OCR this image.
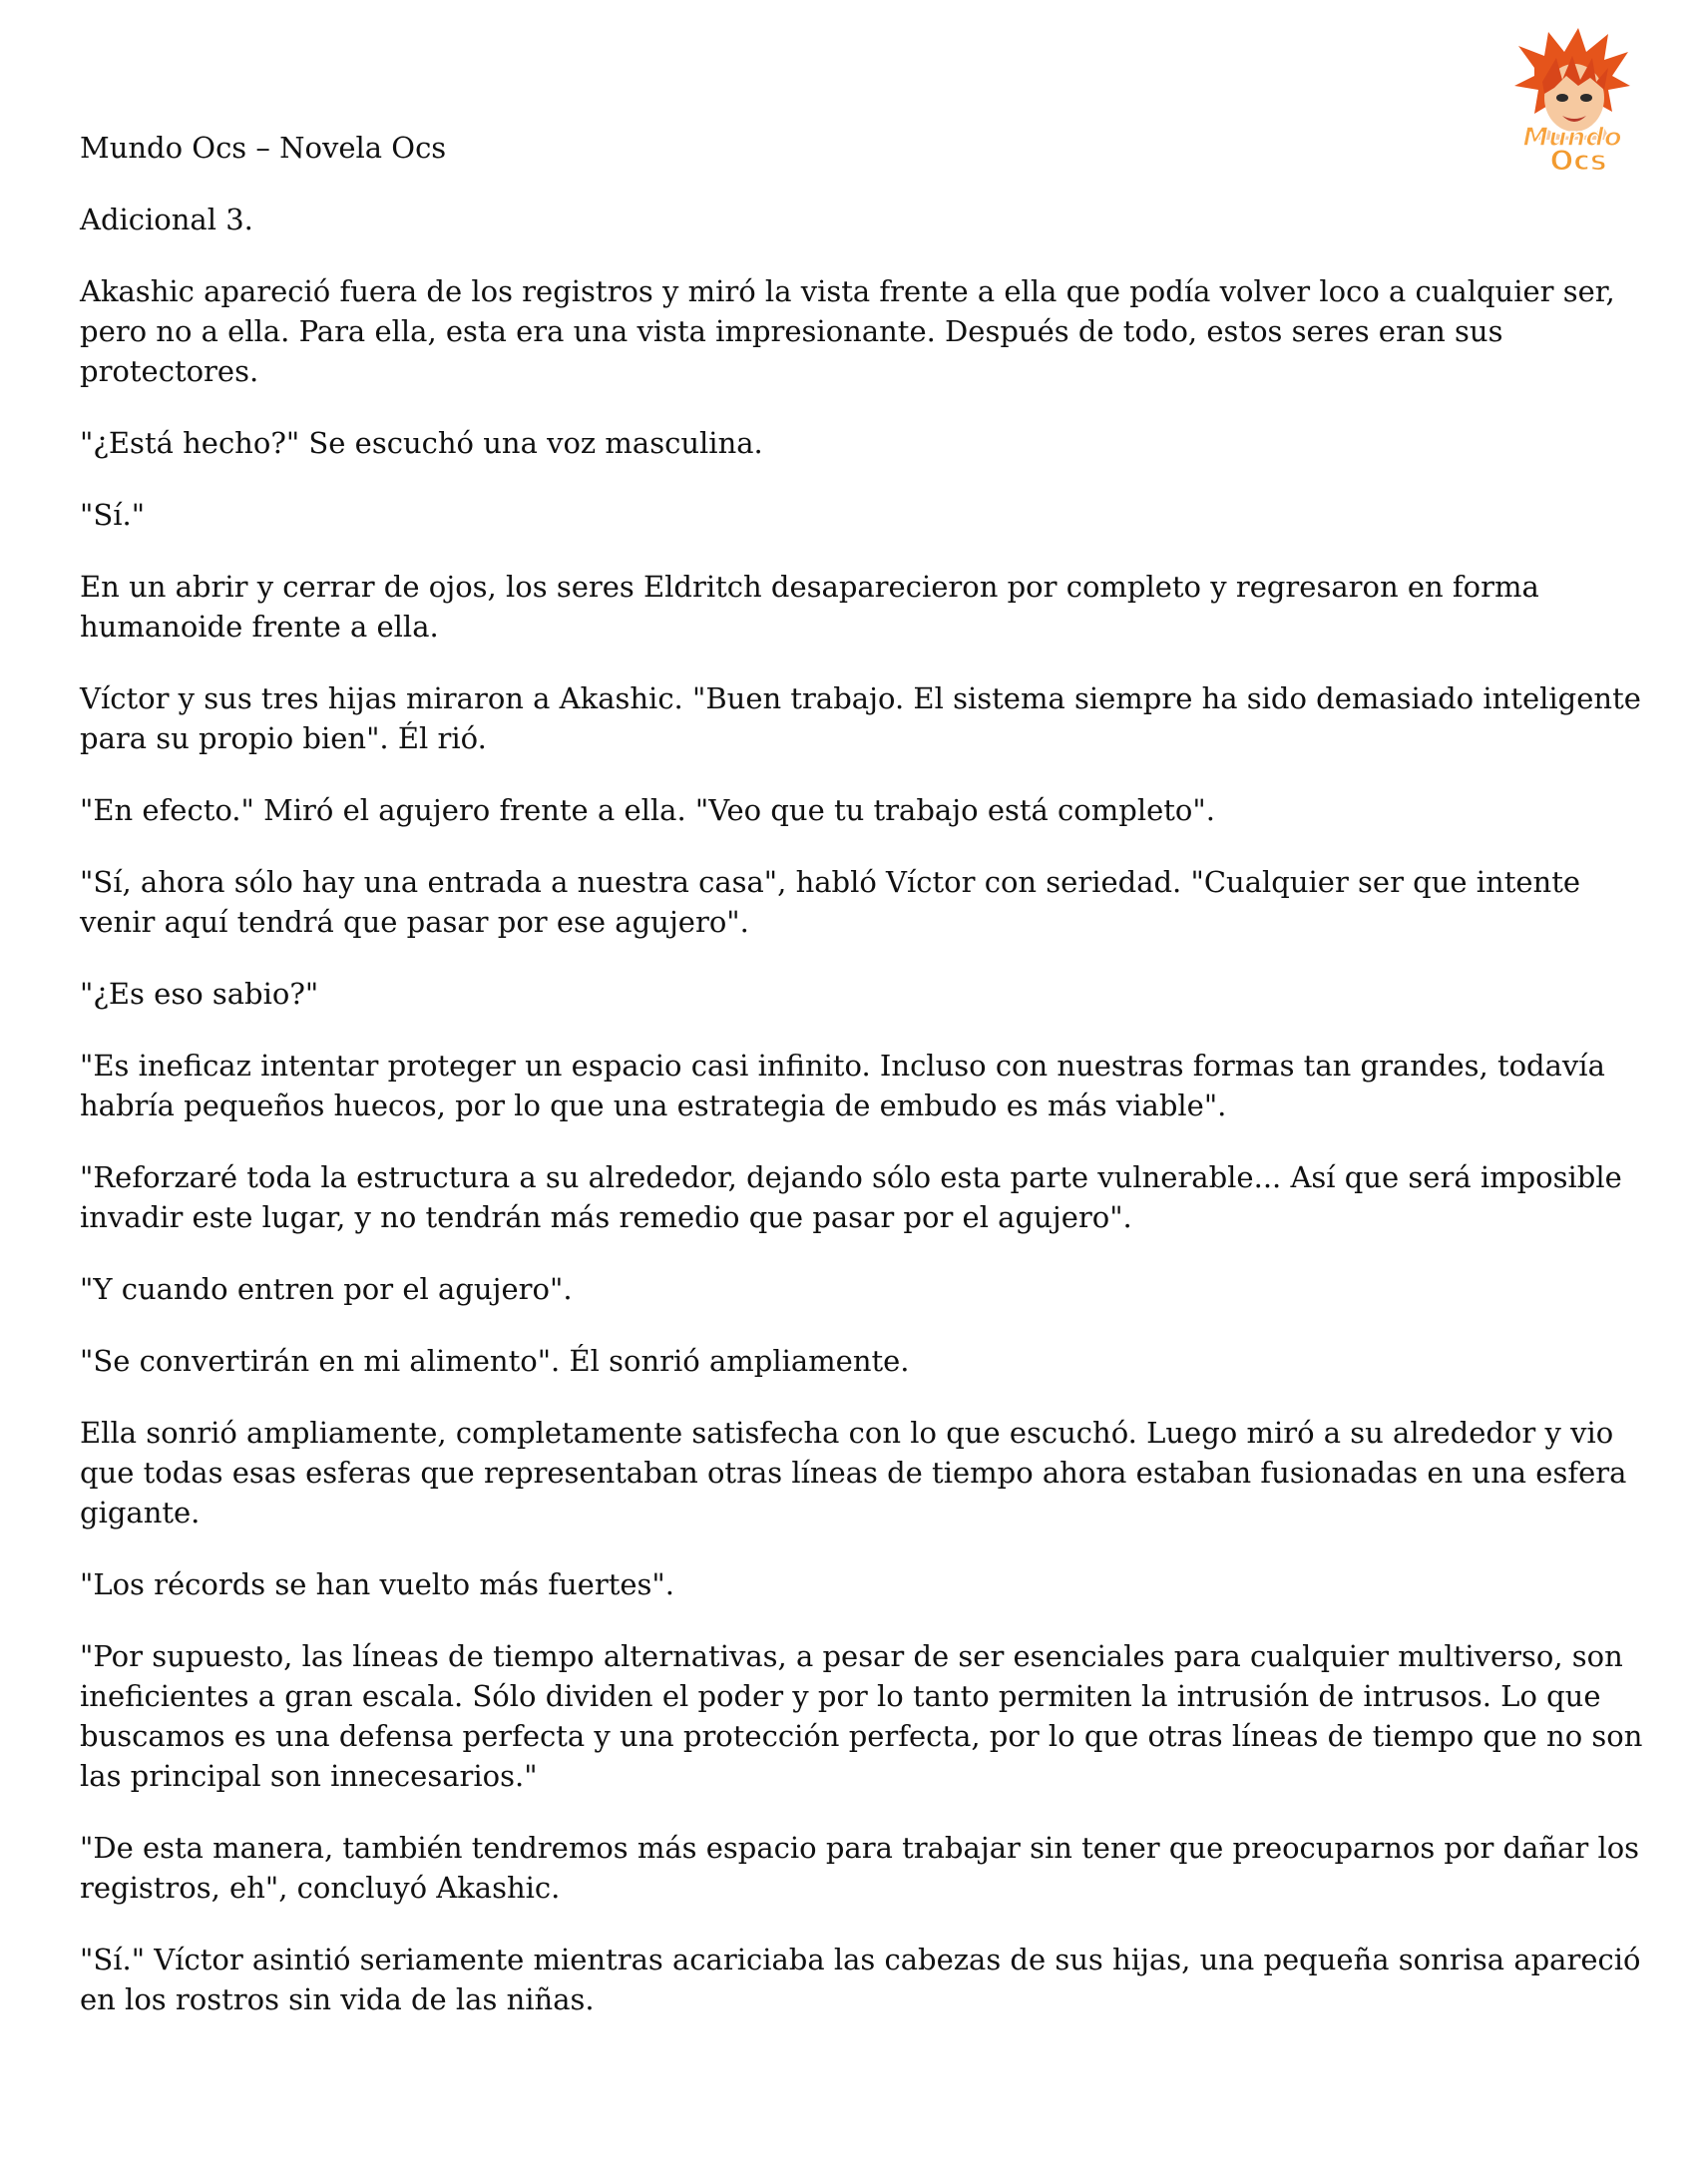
Mundo
Ocs

Mundo Ocs – Novela Ocs

Adicional 3.

Akashic apareció fuera de los registros y miró la vista frente a ella que podía volver loco a cualquier ser, pero no a ella. Para ella, esta era una vista impresionante. Después de todo, estos seres eran sus protectores.

"¿Está hecho?" Se escuchó una voz masculina.

"Sí."

En un abrir y cerrar de ojos, los seres Eldritch desaparecieron por completo y regresaron en forma humanoide frente a ella.

Víctor y sus tres hijas miraron a Akashic. "Buen trabajo. El sistema siempre ha sido demasiado inteligente para su propio bien". Él rió.

"En efecto." Miró el agujero frente a ella. "Veo que tu trabajo está completo".

"Sí, ahora sólo hay una entrada a nuestra casa", habló Víctor con seriedad. "Cualquier ser que intente venir aquí tendrá que pasar por ese agujero".

"¿Es eso sabio?"

"Es ineficaz intentar proteger un espacio casi infinito. Incluso con nuestras formas tan grandes, todavía habría pequeños huecos, por lo que una estrategia de embudo es más viable".

"Reforzaré toda la estructura a su alrededor, dejando sólo esta parte vulnerable... Así que será imposible invadir este lugar, y no tendrán más remedio que pasar por el agujero".

"Y cuando entren por el agujero".

"Se convertirán en mi alimento". Él sonrió ampliamente.

Ella sonrió ampliamente, completamente satisfecha con lo que escuchó. Luego miró a su alrededor y vio que todas esas esferas que representaban otras líneas de tiempo ahora estaban fusionadas en una esfera gigante.

"Los récords se han vuelto más fuertes".

"Por supuesto, las líneas de tiempo alternativas, a pesar de ser esenciales para cualquier multiverso, son ineficientes a gran escala. Sólo dividen el poder y por lo tanto permiten la intrusión de intrusos. Lo que buscamos es una defensa perfecta y una protección perfecta, por lo que otras líneas de tiempo que no son las principal son innecesarios."

"De esta manera, también tendremos más espacio para trabajar sin tener que preocuparnos por dañar los registros, eh", concluyó Akashic.

"Sí." Víctor asintió seriamente mientras acariciaba las cabezas de sus hijas, una pequeña sonrisa apareció en los rostros sin vida de las niñas.
